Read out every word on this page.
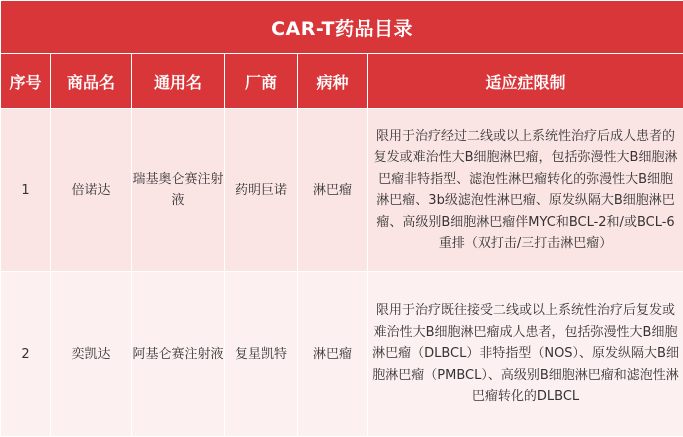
CAR-T药品目录					
序号	商品名	通用名	厂商	病种	适应症限制
1	倍诺达	瑞基奥仑赛注射液	药明巨诺	淋巴瘤	限用于治疗经过二线或以上系统性治疗后成人患者的复发或难治性大B细胞淋巴瘤，包括弥漫性大B细胞淋巴瘤非特指型、滤泡性淋巴瘤转化的弥漫性大B细胞淋巴瘤、3b级滤泡性淋巴瘤、原发纵隔大B细胞淋巴瘤、高级别B细胞淋巴瘤伴MYC和BCL-2和/或BCL-6重排（双打击/三打击淋巴瘤）
2	奕凯达	阿基仑赛注射液	复星凯特	淋巴瘤	限用于治疗既往接受二线或以上系统性治疗后复发或难治性大B细胞淋巴瘤成人患者，包括弥漫性大B细胞淋巴瘤（DLBCL）非特指型（NOS）、原发纵隔大B细胞淋巴瘤（PMBCL）、高级别B细胞淋巴瘤和滤泡性淋巴瘤转化的DLBCL
